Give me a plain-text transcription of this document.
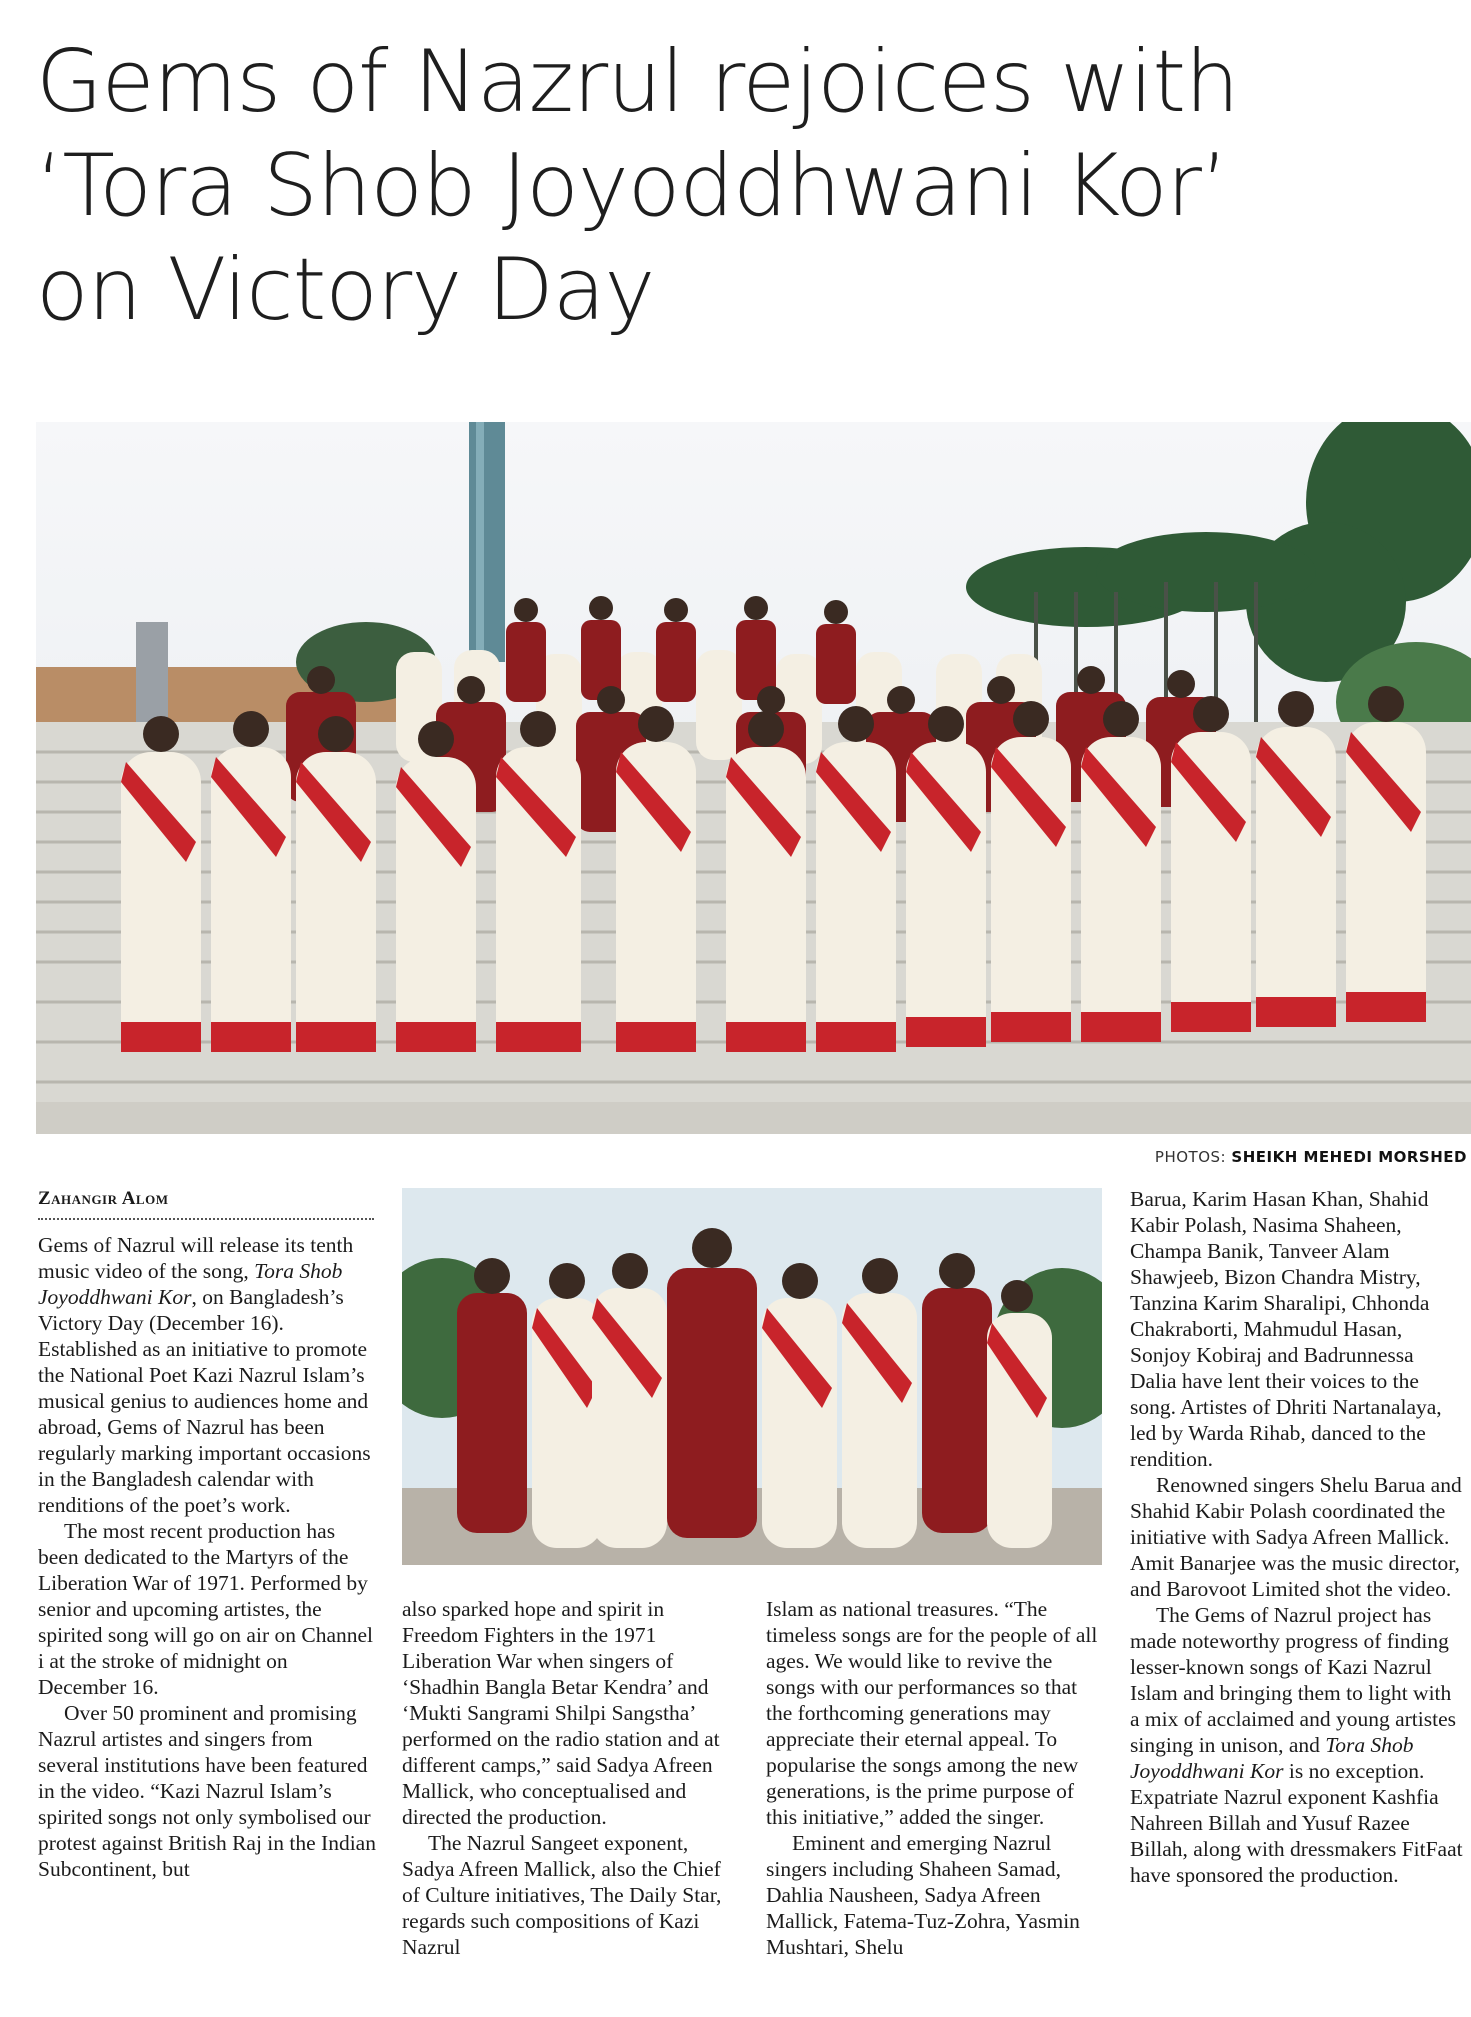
Gems of Nazrul rejoices with
‘Tora Shob Joyoddhwani Kor’
on Victory Day
PHOTOS: SHEIKH MEHEDI MORSHED
Zahangir Alom

Gems of Nazrul will release its tenth music video of the song, Tora Shob Joyoddhwani Kor, on Bangladesh’s Victory Day (December 16). Established as an initiative to promote the National Poet Kazi Nazrul Islam’s musical genius to audiences home and abroad, Gems of Nazrul has been regularly marking important occasions in the Bangladesh calendar with renditions of the poet’s work.

The most recent production has been dedicated to the Martyrs of the Liberation War of 1971. Performed by senior and upcoming artistes, the spirited song will go on air on Channel i at the stroke of midnight on December 16.

Over 50 prominent and promising Nazrul artistes and singers from several institutions have been featured in the video. “Kazi Nazrul Islam’s spirited songs not only symbolised our protest against British Raj in the Indian Subcontinent, but

also sparked hope and spirit in Freedom Fighters in the 1971 Liberation War when singers of ‘Shadhin Bangla Betar Kendra’ and ‘Mukti Sangrami Shilpi Sangstha’ performed on the radio station and at different camps,” said Sadya Afreen Mallick, who conceptualised and directed the production.

The Nazrul Sangeet exponent, Sadya Afreen Mallick, also the Chief of Culture initiatives, The Daily Star, regards such compositions of Kazi Nazrul

Islam as national treasures. “The timeless songs are for the people of all ages. We would like to revive the songs with our performances so that the forthcoming generations may appreciate their eternal appeal. To popularise the songs among the new generations, is the prime purpose of this initiative,” added the singer.

Eminent and emerging Nazrul singers including Shaheen Samad, Dahlia Nausheen, Sadya Afreen Mallick, Fatema-Tuz-Zohra, Yasmin Mushtari, Shelu

Barua, Karim Hasan Khan, Shahid Kabir Polash, Nasima Shaheen, Champa Banik, Tanveer Alam Shawjeeb, Bizon Chandra Mistry, Tanzina Karim Sharalipi, Chhonda Chakraborti, Mahmudul Hasan, Sonjoy Kobiraj and Badrunnessa Dalia have lent their voices to the song. Artistes of Dhriti Nartanalaya, led by Warda Rihab, danced to the rendition.

Renowned singers Shelu Barua and Shahid Kabir Polash coordinated the initiative with Sadya Afreen Mallick. Amit Banarjee was the music director, and Barovoot Limited shot the video.

The Gems of Nazrul project has made noteworthy progress of finding lesser-known songs of Kazi Nazrul Islam and bringing them to light with a mix of acclaimed and young artistes singing in unison, and Tora Shob Joyoddhwani Kor is no exception. Expatriate Nazrul exponent Kashfia Nahreen Billah and Yusuf Razee Billah, along with dressmakers FitFaat have sponsored the production.
